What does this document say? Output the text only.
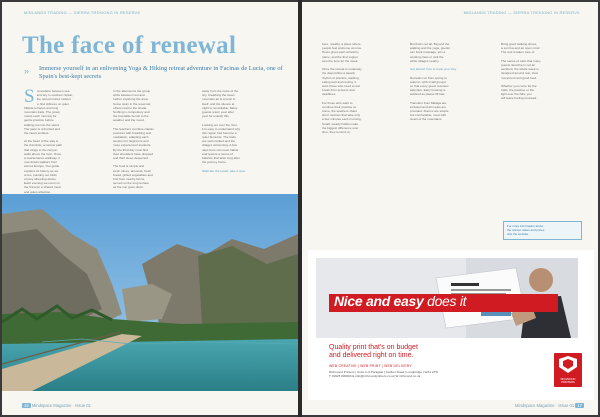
MIDLANDS TRADING — SIERRA TREKKING IN RESERVE
The face of renewal
» Immerse yourself in an enlivening Yoga & Hiking retreat adventure in Facinas de Lucia, one of Spain's best-kept secrets

S omewhere between sea
and sky in southern Spain,
the retreat invites visitors
to find stillness on quiet
hillside terraces and long
mountain trails. The group
meets each morning for
gentle practice before
walking out into the sierra.
The pace is unhurried and
the views endless.

At the heart of the stay is
the Caminito, a narrow path
that clings to the canyon
walls above the river. Once
a maintenance walkway, it
now draws walkers from
across Europe. Our guide
explains its history as we
cross, pointing out birds
of prey wheeling above.
Each evening we return to
the finca for a shared meal
and quiet reflection.
In the afternoons the group
splits between rest and
further exploring the area.
Some swim in the reservoir,
others read in the shade.
Nothing is compulsory and
the timetable bends to the
weather and the mood.

The teachers combine classic
postures with breathing and
meditation, adapting each
session for beginners and
more experienced students.
By the third day most find
their shoulders have dropped
and their sleep deepened.

The food is simple and
local: olives, almonds, fresh
bread, grilled vegetables and
fruit from nearby farms,
served on the long terrace
as the sun goes down.
away from the noise of the
city, breathing the clean
mountain air is a tonic in
itself, and the silence at
night is remarkable. Many
guests return year after
year for exactly this.

Looking out over the river,
it is easy to understand why
this region has become a
quiet favourite. The trails
are well marked and the
villages welcoming. A few
days here can reset habits
and restore a sense of
balance that lasts long after
the journey home.

Walk like the locals: take it slow
16 Mindspace Magazine · Issue 01
MIDLANDS TRADING — SIERRA TREKKING IN RESERVE
here, notably, a place where
people feel welcome at once.
Hosts greet each arrival by
name, and the first supper
sets the tone for the week.

Once the retreat is underway
the days follow a steady
rhythm of practice, walking,
eating well and resting. It
suits those who need a real
break from screens and
deadlines.

For those who want to
continue their practice at
home, the teachers share
short routines that take only
a few minutes each morning.
Small, steady habits make
the biggest difference over
time, they remind us.
But that's not all. Beyond the
walking and the yoga, guests
can book massage, join a
cooking class or visit the
white villages nearby.

Get ahead: how to book your stay

Retreats run from spring to
autumn, with small groups
so that every guest receives
attention. Early booking is
advised as places fill fast.

Transfers from Malaga are
included and all meals are
provided. Rooms are simple
but comfortable, most with
views of the mountains.
Bring good walking shoes,
a sun hat and an open mind.
The rest is taken care of.

The sense of calm that many
guests describe is not an
accident; the whole week is
designed around rest, slow
movement and good food.

Whether you come for the
trails, the practice or the
light over the hills, you
will leave feeling renewed.
For more information about
the retreat, dates and prices
visit the website.
Nice and easy does it
Quality print that's on budget
and delivered right on time.
WEB CREATIVE | WEB PRINT | WEB DELIVERY
Richmond Printers | Units 4–6 Parkgate | Carlton Road | Longbridge | WA1 2TR
T 01925 000000 E info@richmondprinters.co.uk W richmond.co.uk
RICHMOND PRINTERS
Mindspace Magazine · Issue 01 17
